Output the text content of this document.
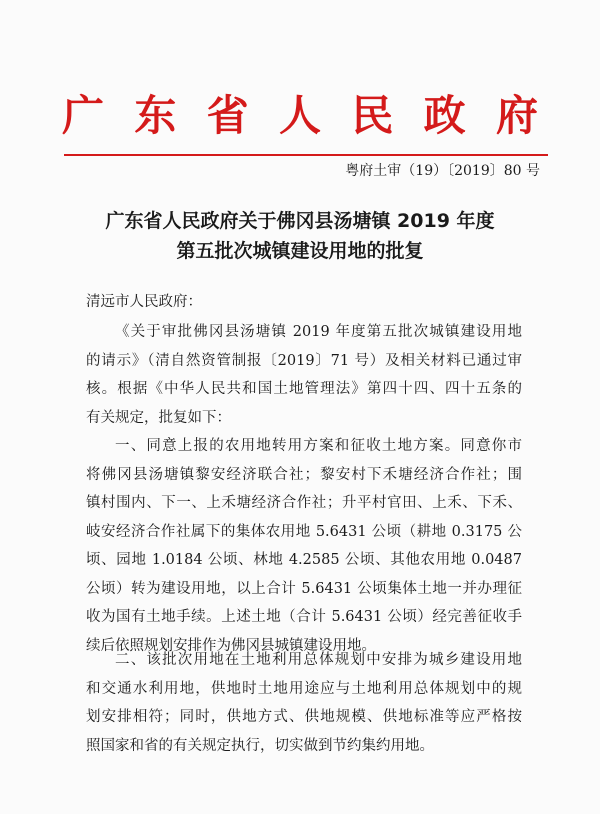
广 东 省 人 民 政 府
粤府土审（19）〔2019〕80 号
广东省人民政府关于佛冈县汤塘镇 2019 年度
第五批次城镇建设用地的批复
清远市人民政府：
《关于审批佛冈县汤塘镇 2019 年度第五批次城镇建设用地
的请示》（清自然资管制报〔2019〕71 号）及相关材料已通过审
核。根据《中华人民共和国土地管理法》第四十四、四十五条的
有关规定，批复如下：
一、同意上报的农用地转用方案和征收土地方案。同意你市
将佛冈县汤塘镇黎安经济联合社；黎安村下禾塘经济合作社；围
镇村围内、下一、上禾塘经济合作社；升平村官田、上禾、下禾、
岐安经济合作社属下的集体农用地 5.6431 公顷（耕地 0.3175 公
顷、园地 1.0184 公顷、林地 4.2585 公顷、其他农用地 0.0487
公顷）转为建设用地，以上合计 5.6431 公顷集体土地一并办理征
收为国有土地手续。上述土地（合计 5.6431 公顷）经完善征收手
续后依照规划安排作为佛冈县城镇建设用地。
二、该批次用地在土地利用总体规划中安排为城乡建设用地
和交通水利用地，供地时土地用途应与土地利用总体规划中的规
划安排相符；同时，供地方式、供地规模、供地标准等应严格按
照国家和省的有关规定执行，切实做到节约集约用地。
